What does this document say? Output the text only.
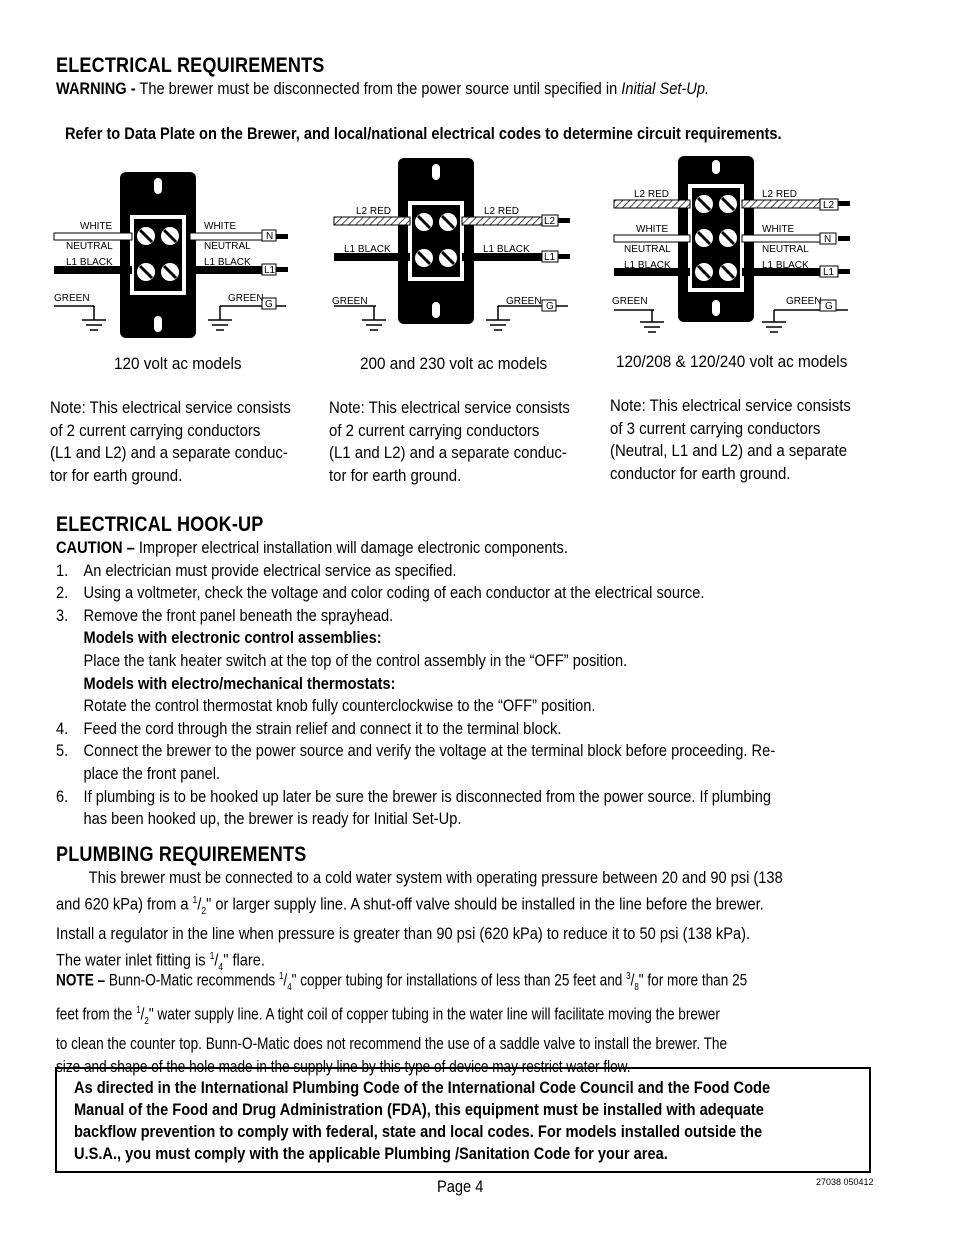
ELECTRICAL REQUIREMENTS
WARNING - The brewer must be disconnected from the power source until specified in Initial Set-Up.
Refer to Data Plate on the Brewer, and local/national electrical codes to determine circuit requirements.
WHITE	WHITE
NEUTRAL	NEUTRAL
L1 BLACK	L1 BLACK
GREEN	GREEN
N
L1
G
120 volt ac models
L2 RED	L2 RED
L1 BLACK	L1 BLACK
GREEN	GREEN
L2
L1
G
200 and 230 volt ac models
L2 RED	L2 RED
WHITE	WHITE
NEUTRAL	NEUTRAL
L1 BLACK	L1 BLACK
GREEN	GREEN
L2
N
L1
G
120/208 & 120/240 volt ac models
Note: This electrical service consists
of 2 current carrying conductors
(L1 and L2) and a separate conduc-
tor for earth ground.
Note: This electrical service consists
of 2 current carrying conductors
(L1 and L2) and a separate conduc-
tor for earth ground.
Note: This electrical service consists
of 3 current carrying conductors
(Neutral, L1 and L2) and a separate
conductor for earth ground.
ELECTRICAL HOOK-UP
CAUTION – Improper electrical installation will damage electronic components.
1. An electrician must provide electrical service as specified.
2. Using a voltmeter, check the voltage and color coding of each conductor at the electrical source.
3. Remove the front panel beneath the sprayhead.
Models with electronic control assemblies:
Place the tank heater switch at the top of the control assembly in the “OFF” position.
Models with electro/mechanical thermostats:
Rotate the control thermostat knob fully counterclockwise to the “OFF” position.
4. Feed the cord through the strain relief and connect it to the terminal block.
5. Connect the brewer to the power source and verify the voltage at the terminal block before proceeding. Re-
place the front panel.
6. If plumbing is to be hooked up later be sure the brewer is disconnected from the power source. If plumbing
has been hooked up, the brewer is ready for Initial Set-Up.
PLUMBING REQUIREMENTS
This brewer must be connected to a cold water system with operating pressure between 20 and 90 psi (138
and 620 kPa) from a $^1/_2$" or larger supply line. A shut-off valve should be installed in the line before the brewer.
Install a regulator in the line when pressure is greater than 90 psi (620 kPa) to reduce it to 50 psi (138 kPa).
The water inlet fitting is $^1/_4$" flare.
NOTE – Bunn-O-Matic recommends $^1/_4$" copper tubing for installations of less than 25 feet and $^3/_8$" for more than 25
feet from the $^1/_2$" water supply line. A tight coil of copper tubing in the water line will facilitate moving the brewer
to clean the counter top. Bunn-O-Matic does not recommend the use of a saddle valve to install the brewer. The
size and shape of the hole made in the supply line by this type of device may restrict water flow.
As directed in the International Plumbing Code of the International Code Council and the Food Code
Manual of the Food and Drug Administration (FDA), this equipment must be installed with adequate
backflow prevention to comply with federal, state and local codes. For models installed outside the
U.S.A., you must comply with the applicable Plumbing /Sanitation Code for your area.
Page 4	27038 050412
